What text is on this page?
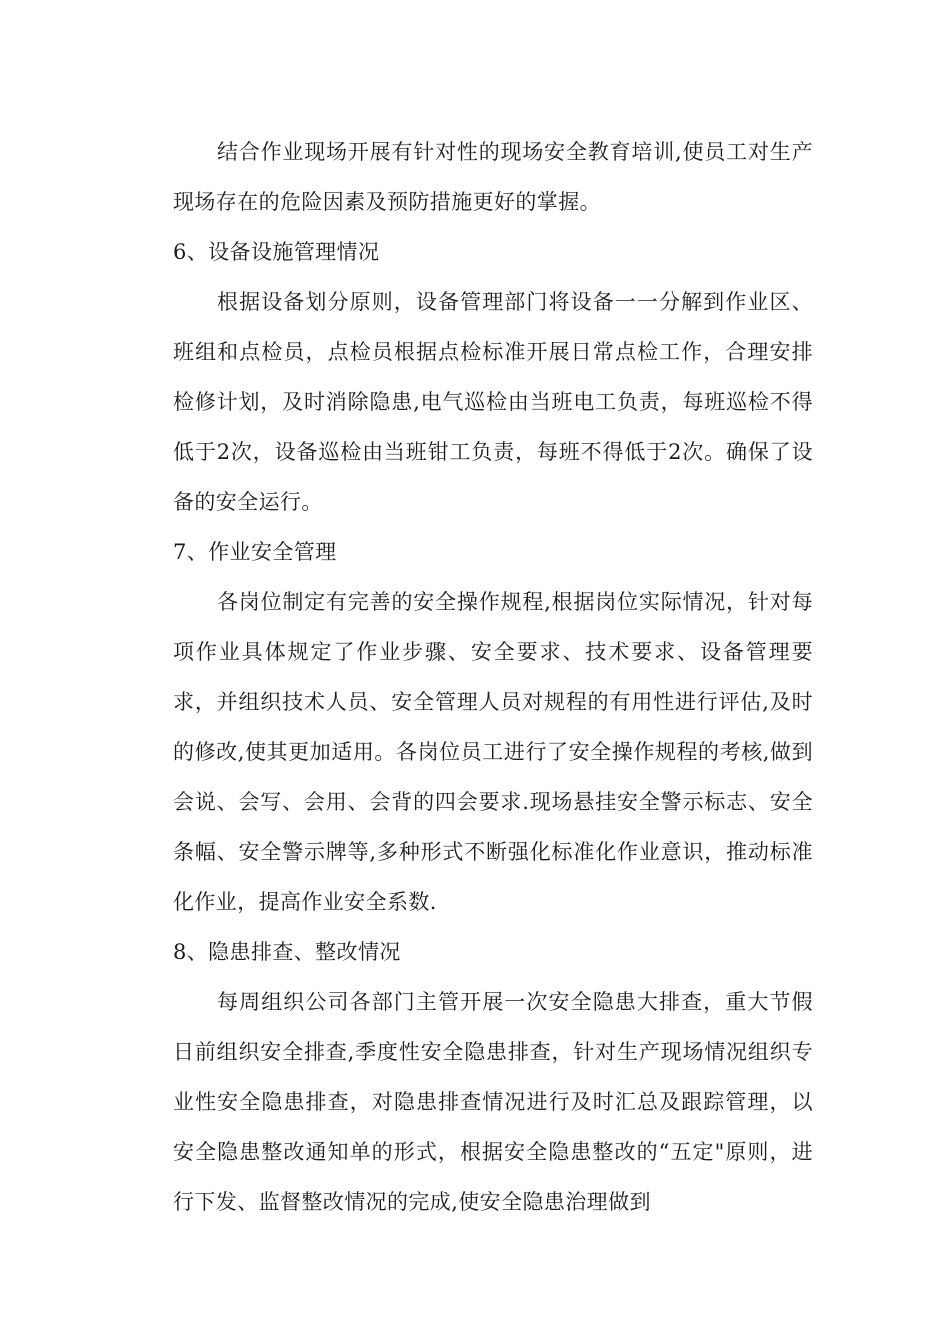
结合作业现场开展有针对性的现场安全教育培训,使员工对生产现场存在的危险因素及预防措施更好的掌握。

6、设备设施管理情况

根据设备划分原则，设备管理部门将设备一一分解到作业区、班组和点检员，点检员根据点检标准开展日常点检工作，合理安排检修计划，及时消除隐患,电气巡检由当班电工负责，每班巡检不得低于2次，设备巡检由当班钳工负责，每班不得低于2次。确保了设备的安全运行。

7、作业安全管理

各岗位制定有完善的安全操作规程,根据岗位实际情况，针对每项作业具体规定了作业步骤、安全要求、技术要求、设备管理要求，并组织技术人员、安全管理人员对规程的有用性进行评估,及时的修改,使其更加适用。各岗位员工进行了安全操作规程的考核,做到会说、会写、会用、会背的四会要求.现场悬挂安全警示标志、安全条幅、安全警示牌等,多种形式不断强化标准化作业意识，推动标准化作业，提高作业安全系数.

8、隐患排查、整改情况

每周组织公司各部门主管开展一次安全隐患大排查，重大节假日前组织安全排查,季度性安全隐患排查，针对生产现场情况组织专业性安全隐患排查，对隐患排查情况进行及时汇总及跟踪管理，以安全隐患整改通知单的形式，根据安全隐患整改的“五定"原则，进行下发、监督整改情况的完成,使安全隐患治理做到
